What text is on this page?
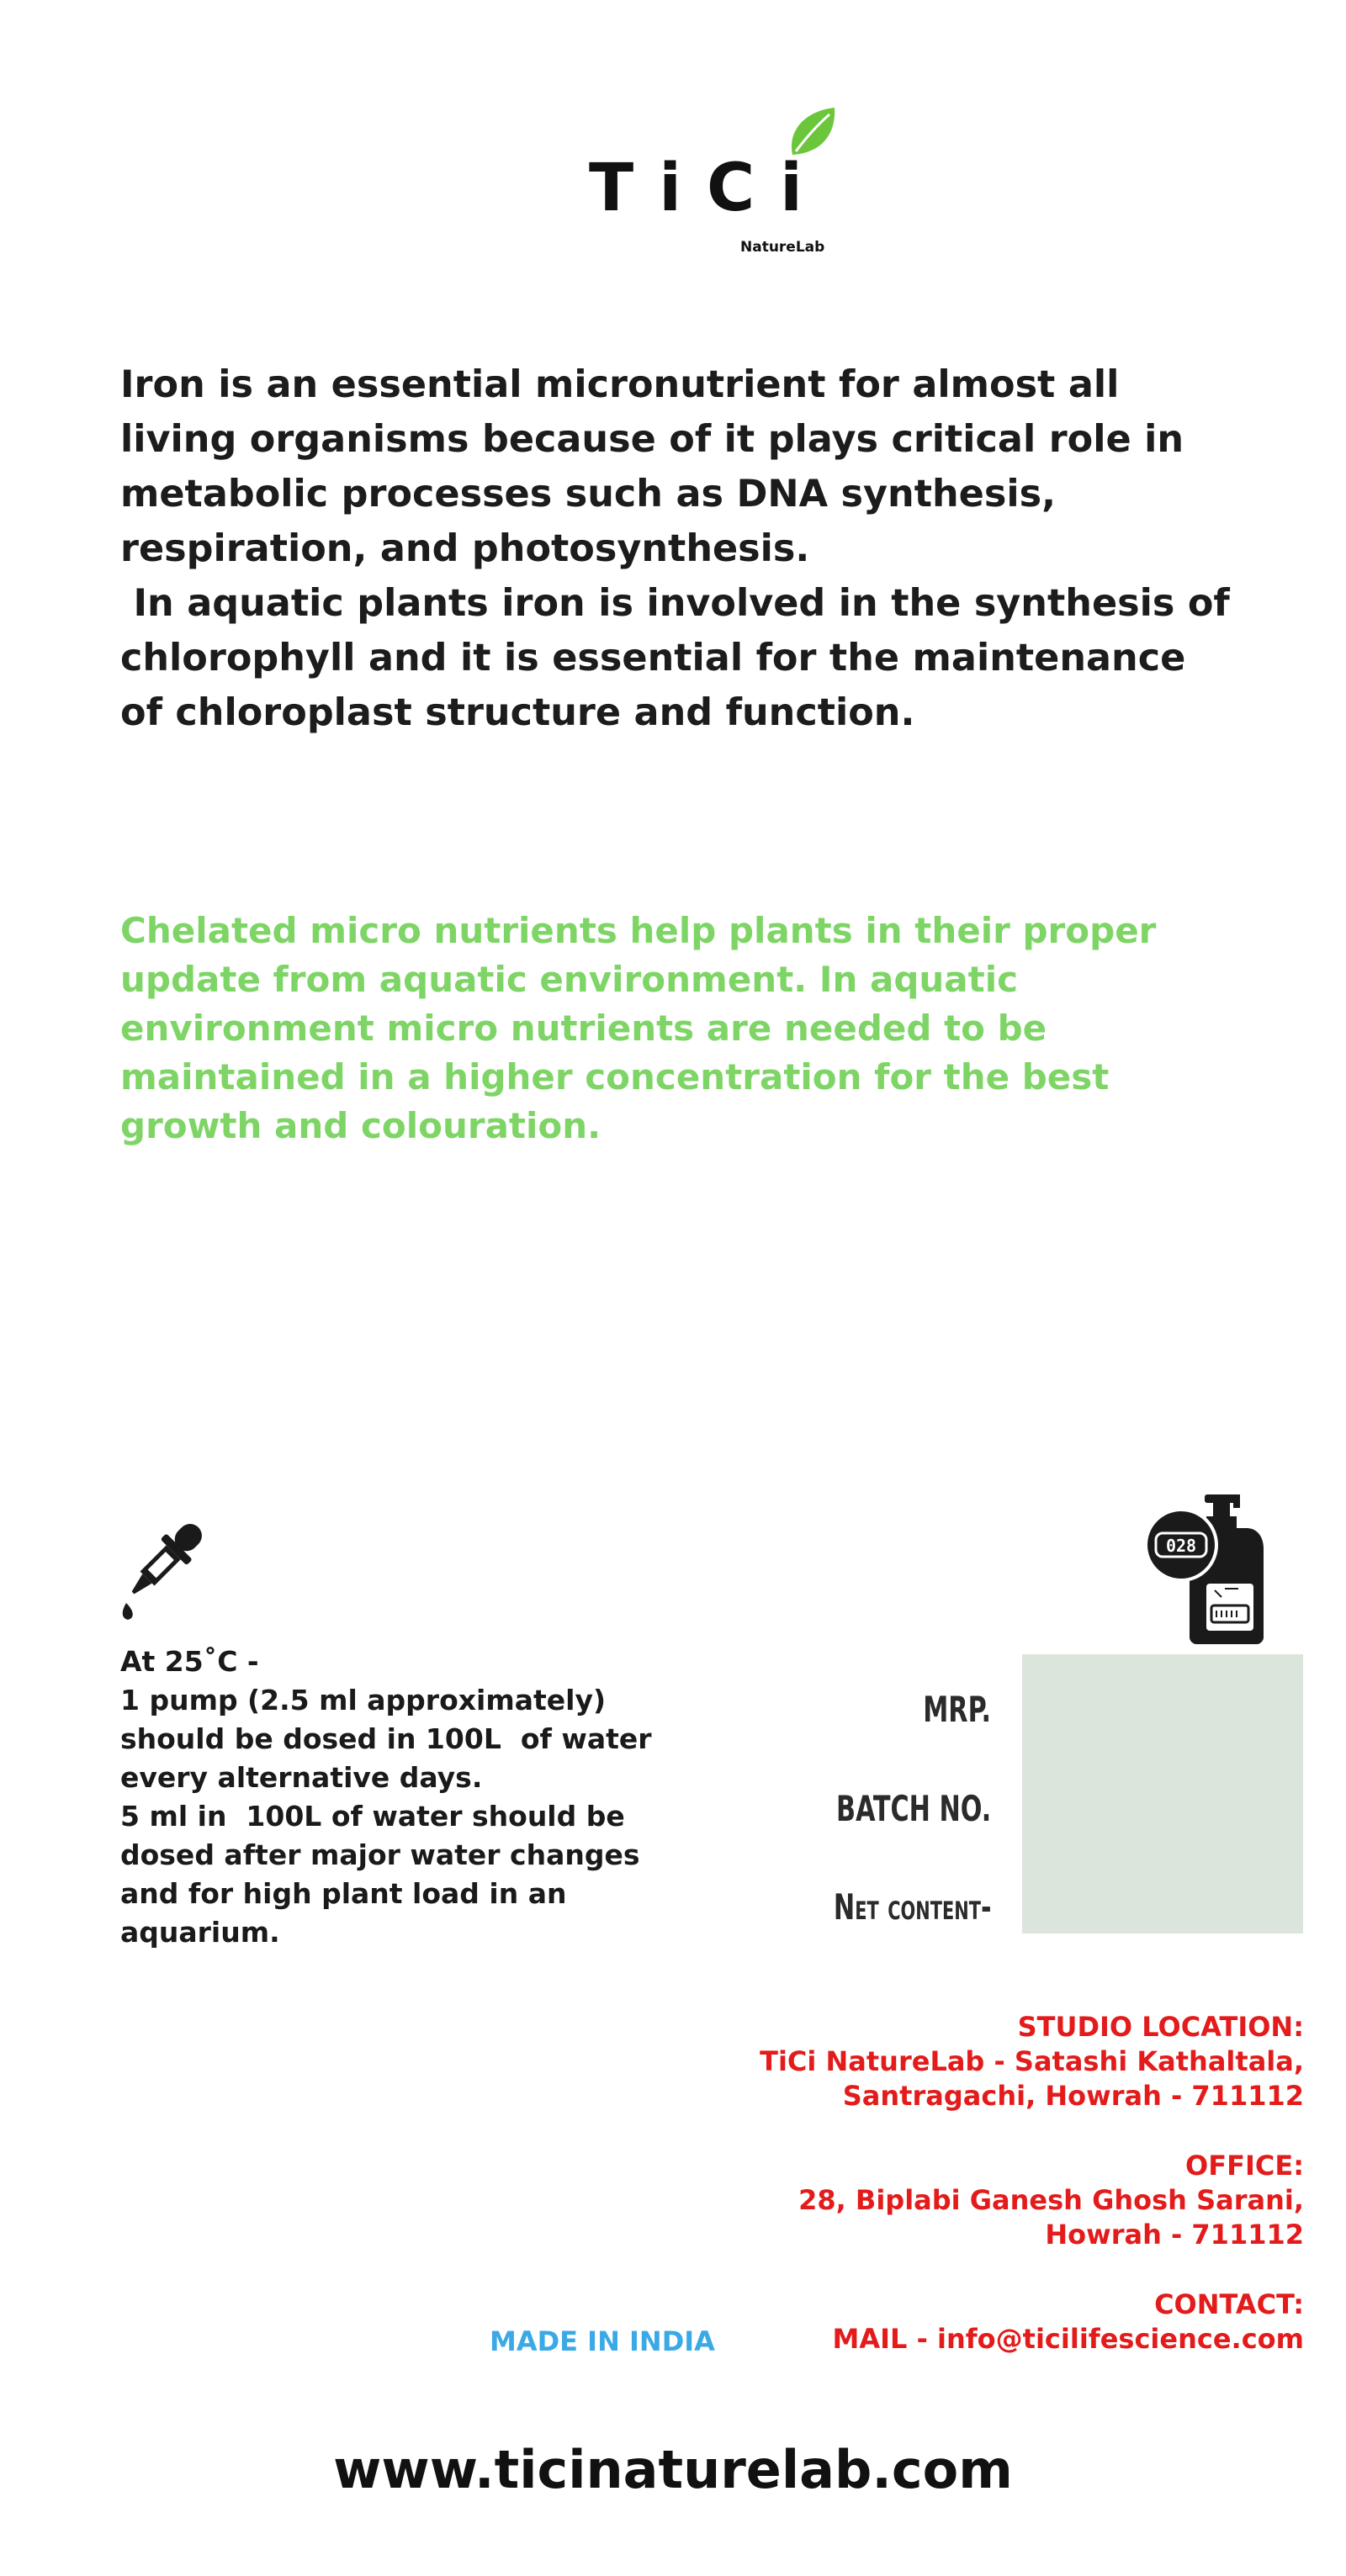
TiCi
NatureLab

Iron is an essential micronutrient for almost all living organisms because of it plays critical role in metabolic processes such as DNA synthesis, respiration, and photosynthesis.

In aquatic plants iron is involved in the synthesis of chlorophyll and it is essential for the maintenance of chloroplast structure and function.

Chelated micro nutrients help plants in their proper update from aquatic environment. In aquatic environment micro nutrients are needed to be maintained in a higher concentration for the best growth and colouration.
At 25˚C -
1 pump (2.5 ml approximately)
should be dosed in 100L  of water
every alternative days.
5 ml in  100L of water should be
dosed after major water changes
and for high plant load in an
aquarium.
028
MRP.
BATCH NO.
Net content-
STUDIO LOCATION:
TiCi NatureLab - Satashi Kathaltala,
Santragachi, Howrah - 711112
OFFICE:
28, Biplabi Ganesh Ghosh Sarani,
Howrah - 711112
CONTACT:
MAIL - info@ticilifescience.com
MADE IN INDIA
www.ticinaturelab.com
